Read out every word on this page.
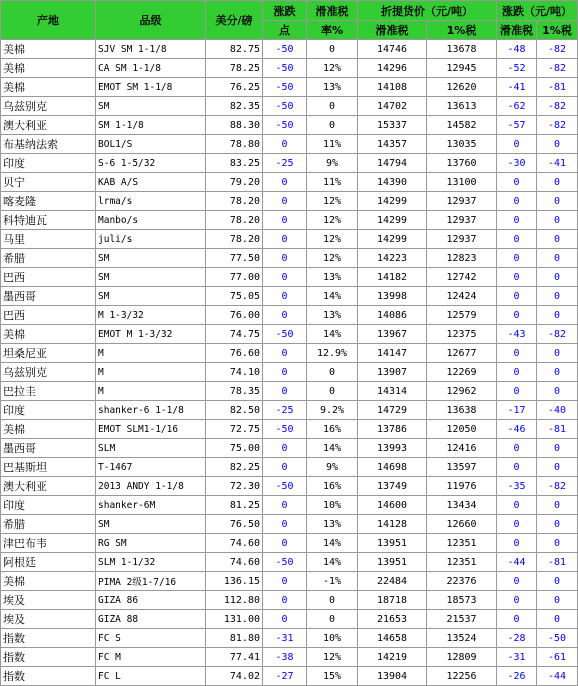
产地	品级	美分/磅	涨跌	滑准税	折提货价（元/吨）		涨跌（元/吨）	
			点	率%	滑准税	1%税	滑准税	1%税
美棉	SJV SM 1-1/8	82.75	-50	0	14746	13678	-48	-82
美棉	CA SM 1-1/8	78.25	-50	12%	14296	12945	-52	-82
美棉	EMOT SM 1-1/8	76.25	-50	13%	14108	12620	-41	-81
乌兹别克	SM	82.35	-50	0	14702	13613	-62	-82
澳大利亚	SM 1-1/8	88.30	-50	0	15337	14582	-57	-82
布基纳法索	BOL1/S	78.80	0	11%	14357	13035	0	0
印度	S-6 1-5/32	83.25	-25	9%	14794	13760	-30	-41
贝宁	KAB A/S	79.20	0	11%	14390	13100	0	0
喀麦隆	lrma/s	78.20	0	12%	14299	12937	0	0
科特迪瓦	Manbo/s	78.20	0	12%	14299	12937	0	0
马里	juli/s	78.20	0	12%	14299	12937	0	0
希腊	SM	77.50	0	12%	14223	12823	0	0
巴西	SM	77.00	0	13%	14182	12742	0	0
墨西哥	SM	75.05	0	14%	13998	12424	0	0
巴西	M 1-3/32	76.00	0	13%	14086	12579	0	0
美棉	EMOT M 1-3/32	74.75	-50	14%	13967	12375	-43	-82
坦桑尼亚	M	76.60	0	12.9%	14147	12677	0	0
乌兹别克	M	74.10	0	0	13907	12269	0	0
巴拉圭	M	78.35	0	0	14314	12962	0	0
印度	shanker-6 1-1/8	82.50	-25	9.2%	14729	13638	-17	-40
美棉	EMOT SLM1-1/16	72.75	-50	16%	13786	12050	-46	-81
墨西哥	SLM	75.00	0	14%	13993	12416	0	0
巴基斯坦	T-1467	82.25	0	9%	14698	13597	0	0
澳大利亚	2013 ANDY 1-1/8	72.30	-50	16%	13749	11976	-35	-82
印度	shanker-6M	81.25	0	10%	14600	13434	0	0
希腊	SM	76.50	0	13%	14128	12660	0	0
津巴布韦	RG SM	74.60	0	14%	13951	12351	0	0
阿根廷	SLM 1-1/32	74.60	-50	14%	13951	12351	-44	-81
美棉	PIMA 2级1-7/16	136.15	0	-1%	22484	22376	0	0
埃及	GIZA 86	112.80	0	0	18718	18573	0	0
埃及	GIZA 88	131.00	0	0	21653	21537	0	0
指数	FC S	81.80	-31	10%	14658	13524	-28	-50
指数	FC M	77.41	-38	12%	14219	12809	-31	-61
指数	FC L	74.02	-27	15%	13904	12256	-26	-44
